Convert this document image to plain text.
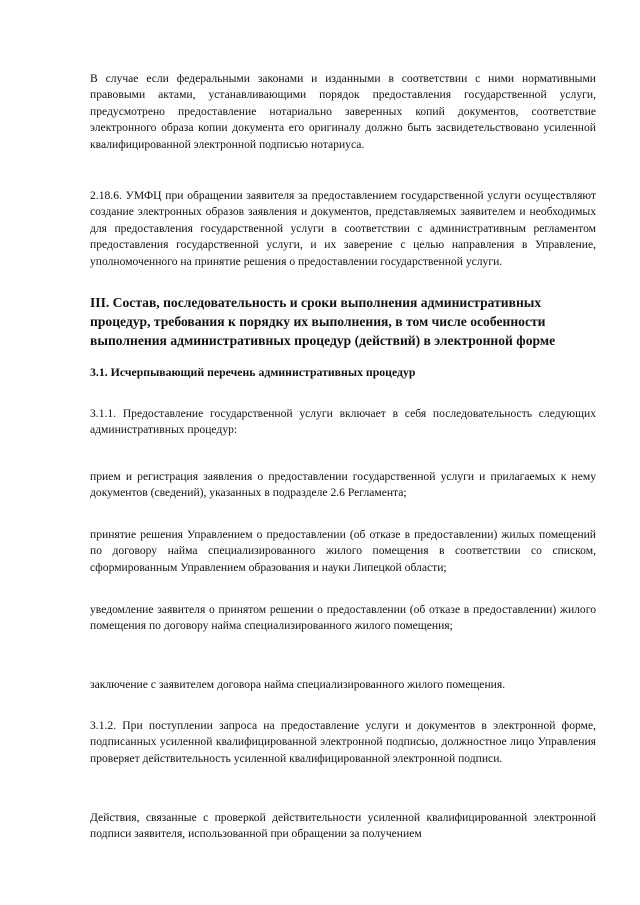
В случае если федеральными законами и изданными в соответствии с ними нормативными правовыми актами, устанавливающими порядок предоставления государственной услуги, предусмотрено предоставление нотариально заверенных копий документов, соответствие электронного образа копии документа его оригиналу должно быть засвидетельствовано усиленной квалифицированной электронной подписью нотариуса.

2.18.6. УМФЦ при обращении заявителя за предоставлением государственной услуги осуществляют создание электронных образов заявления и документов, представляемых заявителем и необходимых для предоставления государственной услуги в соответствии с административным регламентом предоставления государственной услуги, и их заверение с целью направления в Управление, уполномоченного на принятие решения о предоставлении государственной услуги.

III. Состав, последовательность и сроки выполнения административных процедур, требования к порядку их выполнения, в том числе особенности выполнения административных процедур (действий) в электронной форме
3.1. Исчерпывающий перечень административных процедур

3.1.1. Предоставление государственной услуги включает в себя последовательность следующих административных процедур:

прием и регистрация заявления о предоставлении государственной услуги и прилагаемых к нему документов (сведений), указанных в подразделе 2.6 Регламента;

принятие решения Управлением о предоставлении (об отказе в предоставлении) жилых помещений по договору найма специализированного жилого помещения в соответствии со списком, сформированным Управлением образования и науки Липецкой области;

уведомление заявителя о принятом решении о предоставлении (об отказе в предоставлении) жилого помещения по договору найма специализированного жилого помещения;

заключение с заявителем договора найма специализированного жилого помещения.

3.1.2. При поступлении запроса на предоставление услуги и документов в электронной форме, подписанных усиленной квалифицированной электронной подписью, должностное лицо Управления проверяет действительность усиленной квалифицированной электронной подписи.

Действия, связанные с проверкой действительности усиленной квалифицированной электронной подписи заявителя, использованной при обращении за получением
